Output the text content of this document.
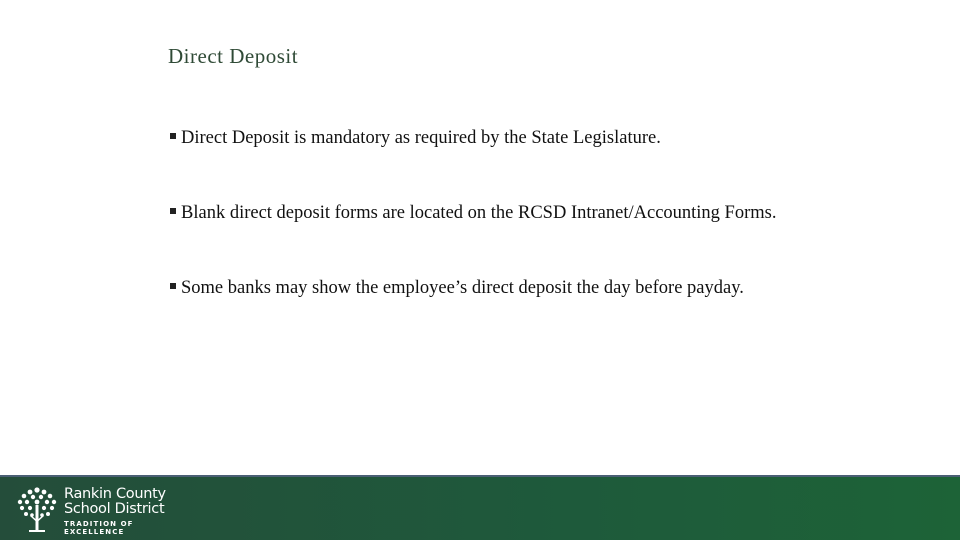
Direct Deposit
Direct Deposit is mandatory as required by the State Legislature.
Blank direct deposit forms are located on the RCSD Intranet/Accounting Forms.
Some banks may show the employee’s direct deposit the day before payday.
Rankin County
School District
TRADITION OF EXCELLENCE
